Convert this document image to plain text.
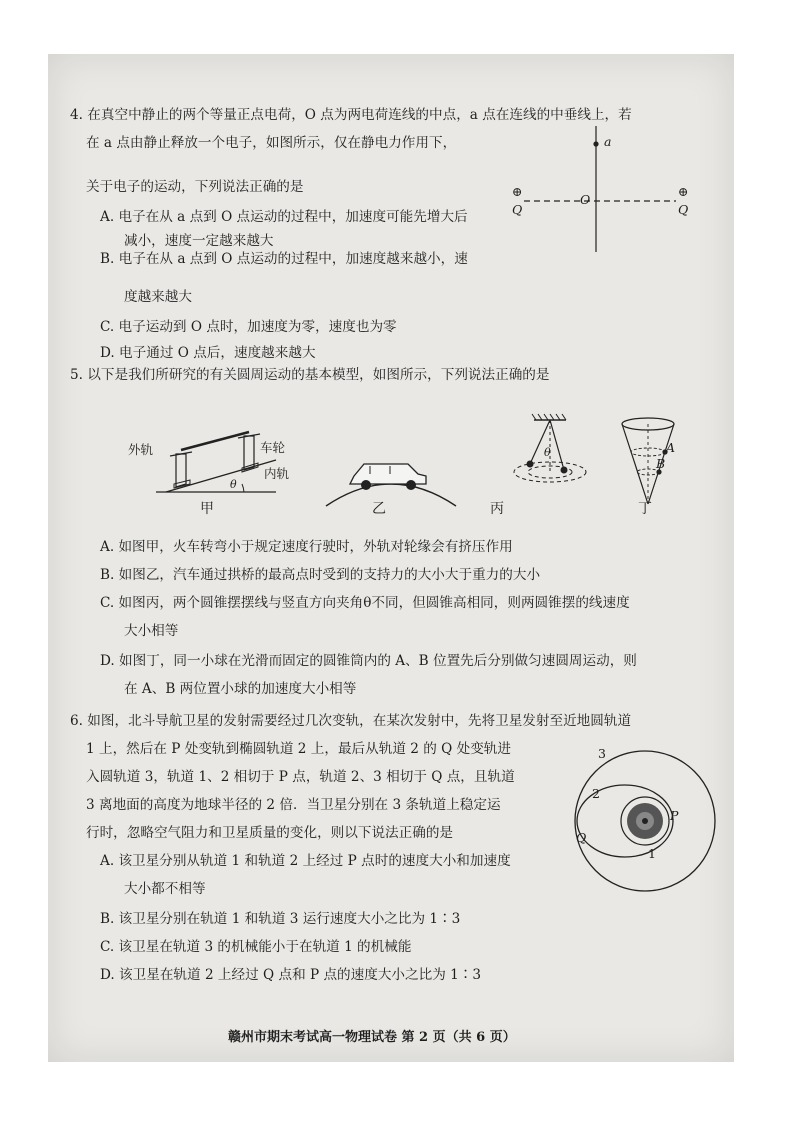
4. 在真空中静止的两个等量正点电荷，O 点为两电荷连线的中点，a 点在连线的中垂线上，若
在 a 点由静止释放一个电子，如图所示，仅在静电力作用下，
关于电子的运动，下列说法正确的是
A. 电子在从 a 点到 O 点运动的过程中，加速度可能先增大后
减小，速度一定越来越大
B. 电子在从 a 点到 O 点运动的过程中，加速度越来越小，速
度越来越大
C. 电子运动到 O 点时，加速度为零，速度也为零
D. 电子通过 O 点后，速度越来越大
a
O
⊕
Q
⊕
Q
5. 以下是我们所研究的有关圆周运动的基本模型，如图所示，下列说法正确的是
外轨	车轮
内轨
θ
甲	乙
θ
丙
A
B
丁
A. 如图甲，火车转弯小于规定速度行驶时，外轨对轮缘会有挤压作用
B. 如图乙，汽车通过拱桥的最高点时受到的支持力的大小大于重力的大小
C. 如图丙，两个圆锥摆摆线与竖直方向夹角θ不同，但圆锥高相同，则两圆锥摆的线速度
大小相等
D. 如图丁，同一小球在光滑而固定的圆锥筒内的 A、B 位置先后分别做匀速圆周运动，则
在 A、B 两位置小球的加速度大小相等
6. 如图，北斗导航卫星的发射需要经过几次变轨，在某次发射中，先将卫星发射至近地圆轨道
1 上，然后在 P 处变轨到椭圆轨道 2 上，最后从轨道 2 的 Q 处变轨进
入圆轨道 3，轨道 1、2 相切于 P 点，轨道 2、3 相切于 Q 点，且轨道
3 离地面的高度为地球半径的 2 倍．当卫星分别在 3 条轨道上稳定运
行时，忽略空气阻力和卫星质量的变化，则以下说法正确的是
A. 该卫星分别从轨道 1 和轨道 2 上经过 P 点时的速度大小和加速度
大小都不相等
B. 该卫星分别在轨道 1 和轨道 3 运行速度大小之比为 1∶3
C. 该卫星在轨道 3 的机械能小于在轨道 1 的机械能
D. 该卫星在轨道 2 上经过 Q 点和 P 点的速度大小之比为 1∶3
3
2
1
P
Q
赣州市期末考试高一物理试卷 第 2 页（共 6 页）
